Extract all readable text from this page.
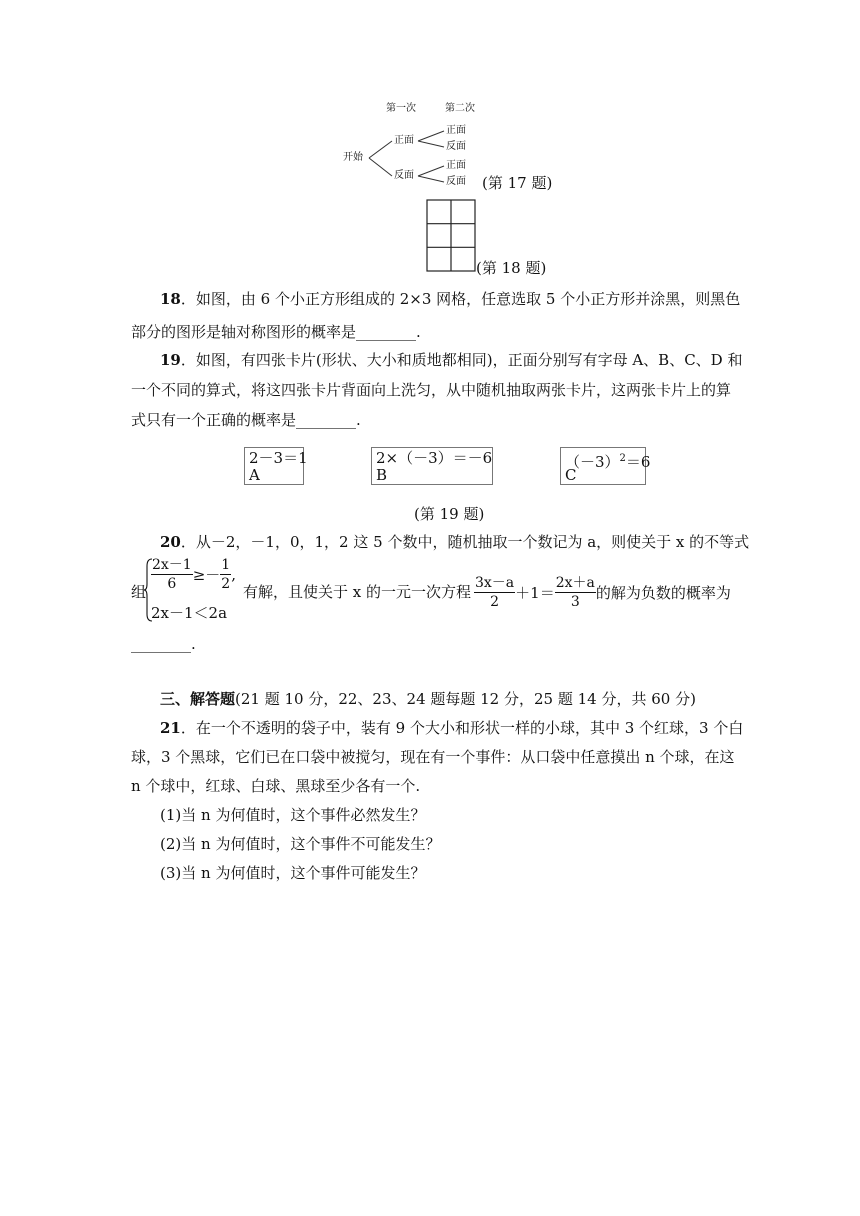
第一次	第二次
开始
正面
反面
正面
反面
正面
反面 (第 17 题)
(第 18 题)
18．如图，由 6 个小正方形组成的 2×3 网格，任意选取 5 个小正方形并涂黑，则黑色
部分的图形是轴对称图形的概率是________.
19．如图，有四张卡片(形状、大小和质地都相同)，正面分别写有字母 A、B、C、D 和
一个不同的算式，将这四张卡片背面向上洗匀，从中随机抽取两张卡片，这两张卡片上的算
式只有一个正确的概率是________.
2－3＝1
A
2×（－3）＝－6
B
$(-3)^2=6$
C
(第 19 题)
20．从－2，－1，0，1，2 这 5 个数中，随机抽取一个数记为 a，则使关于 x 的不等式
组 $\frac{2x-1}{6} \ge- \frac{1}{2}$ ,
2x－1＜2a
有解，且使关于 x 的一元一次方程 $\frac{3x-a}{2} +1= \frac{2x+a}{3}$ 的解为负数的概率为
________.
三、解答题(21 题 10 分，22、23、24 题每题 12 分，25 题 14 分，共 60 分)
21．在一个不透明的袋子中，装有 9 个大小和形状一样的小球，其中 3 个红球，3 个白
球，3 个黑球，它们已在口袋中被搅匀，现在有一个事件：从口袋中任意摸出 n 个球，在这
n 个球中，红球、白球、黑球至少各有一个.
(1)当 n 为何值时，这个事件必然发生？
(2)当 n 为何值时，这个事件不可能发生？
(3)当 n 为何值时，这个事件可能发生？
